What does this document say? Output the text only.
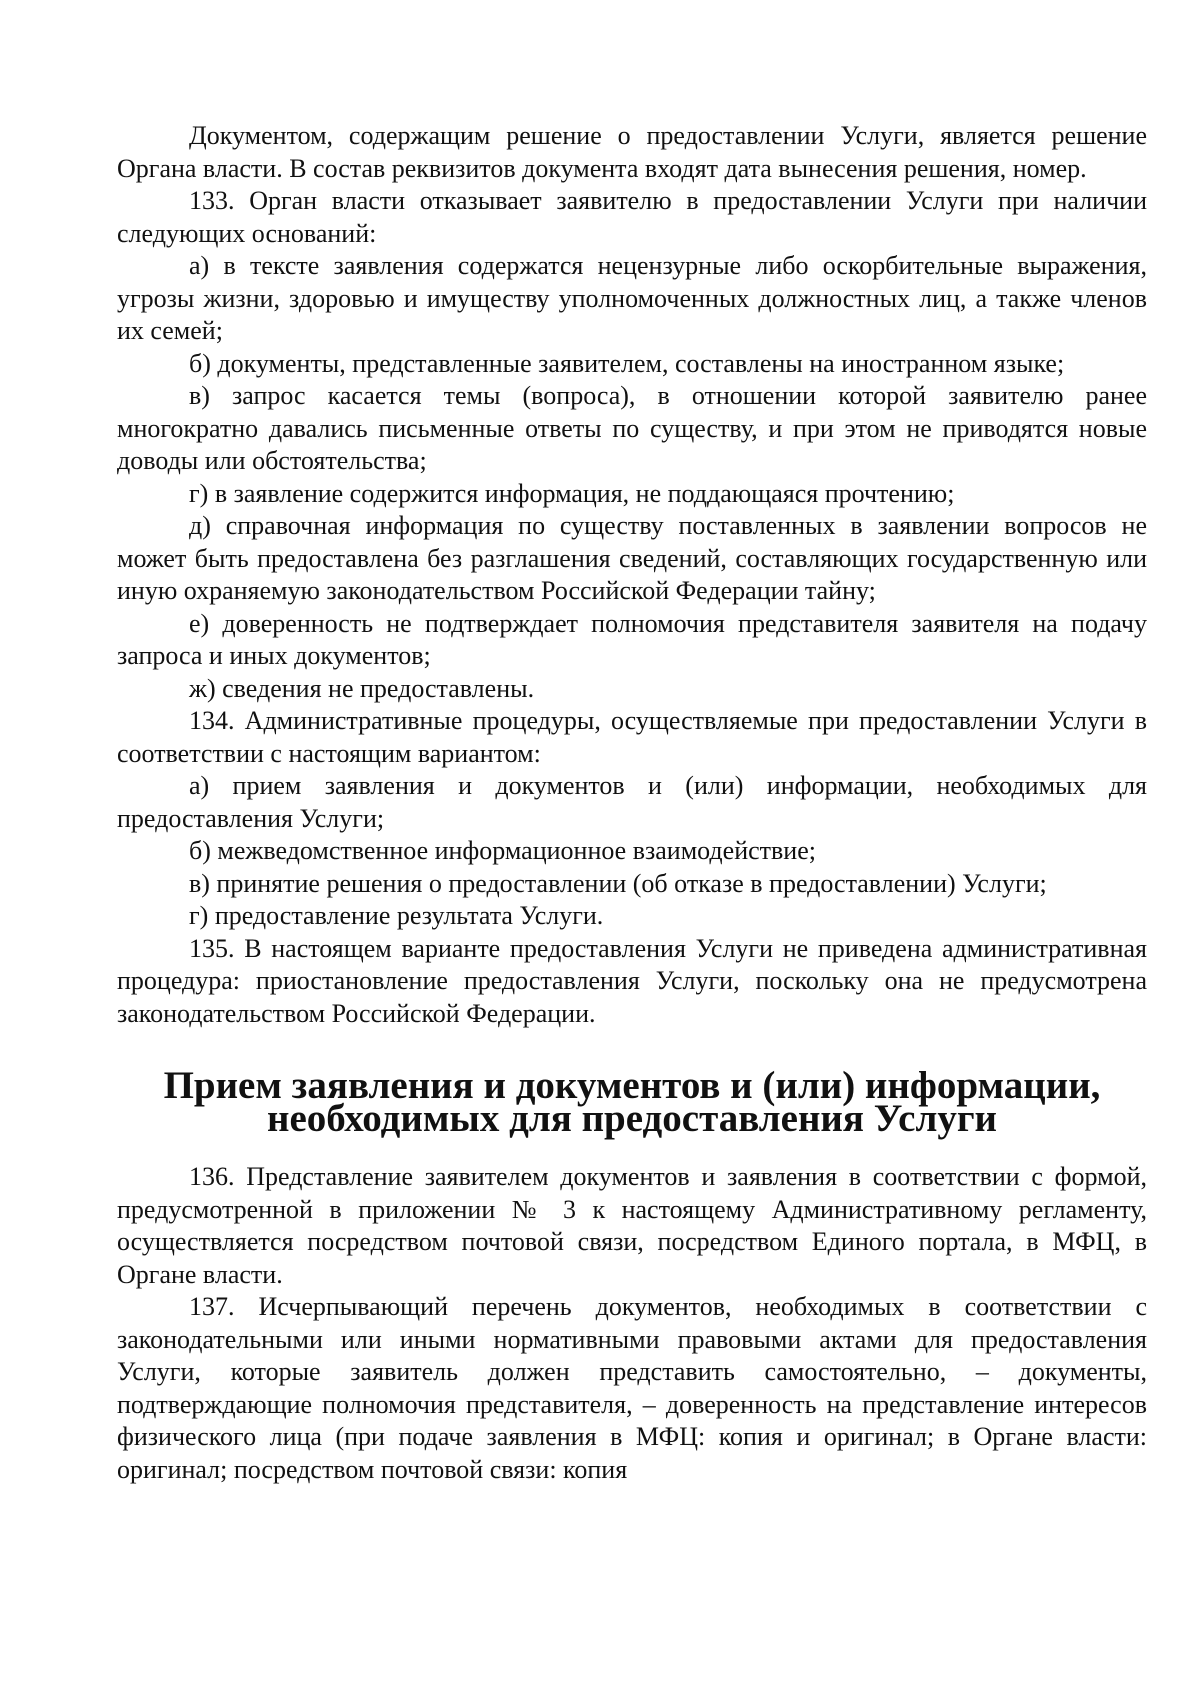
Документом, содержащим решение о предоставлении Услуги, является решение Органа власти. В состав реквизитов документа входят дата вынесения решения, номер.

133. Орган власти отказывает заявителю в предоставлении Услуги при наличии следующих оснований:

а) в тексте заявления содержатся нецензурные либо оскорбительные выражения, угрозы жизни, здоровью и имуществу уполномоченных должностных лиц, а также членов их семей;

б) документы, представленные заявителем, составлены на иностранном языке;

в) запрос касается темы (вопроса), в отношении которой заявителю ранее многократно давались письменные ответы по существу, и при этом не приводятся новые доводы или обстоятельства;

г) в заявление содержится информация, не поддающаяся прочтению;

д) справочная информация по существу поставленных в заявлении вопросов не может быть предоставлена без разглашения сведений, составляющих государственную или иную охраняемую законодательством Российской Федерации тайну;

е) доверенность не подтверждает полномочия представителя заявителя на подачу запроса и иных документов;

ж) сведения не предоставлены.

134. Административные процедуры, осуществляемые при предоставлении Услуги в соответствии с настоящим вариантом:

а) прием заявления и документов и (или) информации, необходимых для предоставления Услуги;

б) межведомственное информационное взаимодействие;

в) принятие решения о предоставлении (об отказе в предоставлении) Услуги;

г) предоставление результата Услуги.

135. В настоящем варианте предоставления Услуги не приведена административная процедура: приостановление предоставления Услуги, поскольку она не предусмотрена законодательством Российской Федерации.

Прием заявления и документов и (или) информации, необходимых для предоставления Услуги

136. Представление заявителем документов и заявления в соответствии с формой, предусмотренной в приложении № 3 к настоящему Административному регламенту, осуществляется посредством почтовой связи, посредством Единого портала, в МФЦ, в Органе власти.

137. Исчерпывающий перечень документов, необходимых в соответствии с законодательными или иными нормативными правовыми актами для предоставления Услуги, которые заявитель должен представить самостоятельно, – документы, подтверждающие полномочия представителя, – доверенность на представление интересов физического лица (при подаче заявления в МФЦ: копия и оригинал; в Органе власти: оригинал; посредством почтовой связи: копия
